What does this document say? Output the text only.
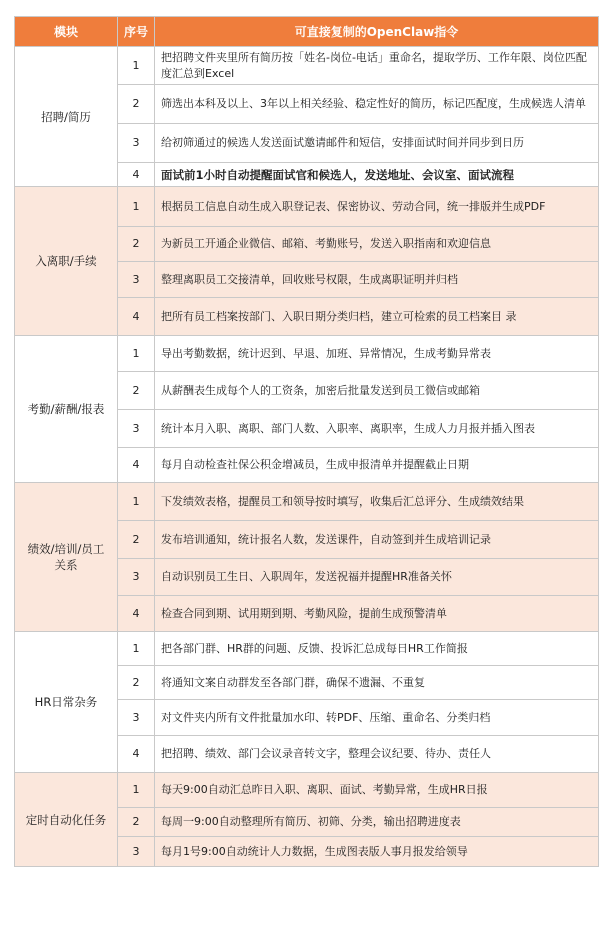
模块	序号	可直接复制的OpenClaw指令
招聘/简历	1	把招聘文件夹里所有简历按「姓名-岗位-电话」重命名，提取学历、工作年限、岗位匹配度汇总到Excel
	2	筛选出本科及以上、3年以上相关经验、稳定性好的简历，标记匹配度，生成候选人清单
	3	给初筛通过的候选人发送面试邀请邮件和短信，安排面试时间并同步到日历
	4	面试前1小时自动提醒面试官和候选人，发送地址、会议室、面试流程
入离职/手续	1	根据员工信息自动生成入职登记表、保密协议、劳动合同，统一排版并生成PDF
	2	为新员工开通企业微信、邮箱、考勤账号，发送入职指南和欢迎信息
	3	整理离职员工交接清单，回收账号权限，生成离职证明并归档
	4	把所有员工档案按部门、入职日期分类归档，建立可检索的员工档案目 录
考勤/薪酬/报表	1	导出考勤数据，统计迟到、早退、加班、异常情况，生成考勤异常表
	2	从薪酬表生成每个人的工资条，加密后批量发送到员工微信或邮箱
	3	统计本月入职、离职、部门人数、入职率、离职率，生成人力月报并插入图表
	4	每月自动检查社保公积金增减员，生成申报清单并提醒截止日期
绩效/培训/员工关系	1	下发绩效表格，提醒员工和领导按时填写，收集后汇总评分、生成绩效结果
	2	发布培训通知，统计报名人数，发送课件，自动签到并生成培训记录
	3	自动识别员工生日、入职周年，发送祝福并提醒HR准备关怀
	4	检查合同到期、试用期到期、考勤风险，提前生成预警清单
HR日常杂务	1	把各部门群、HR群的问题、反馈、投诉汇总成每日HR工作简报
	2	将通知文案自动群发至各部门群，确保不遗漏、不重复
	3	对文件夹内所有文件批量加水印、转PDF、压缩、重命名、分类归档
	4	把招聘、绩效、部门会议录音转文字，整理会议纪要、待办、责任人
定时自动化任务	1	每天9:00自动汇总昨日入职、离职、面试、考勤异常，生成HR日报
	2	每周一9:00自动整理所有简历、初筛、分类，输出招聘进度表
	3	每月1号9:00自动统计人力数据，生成图表版人事月报发给领导
